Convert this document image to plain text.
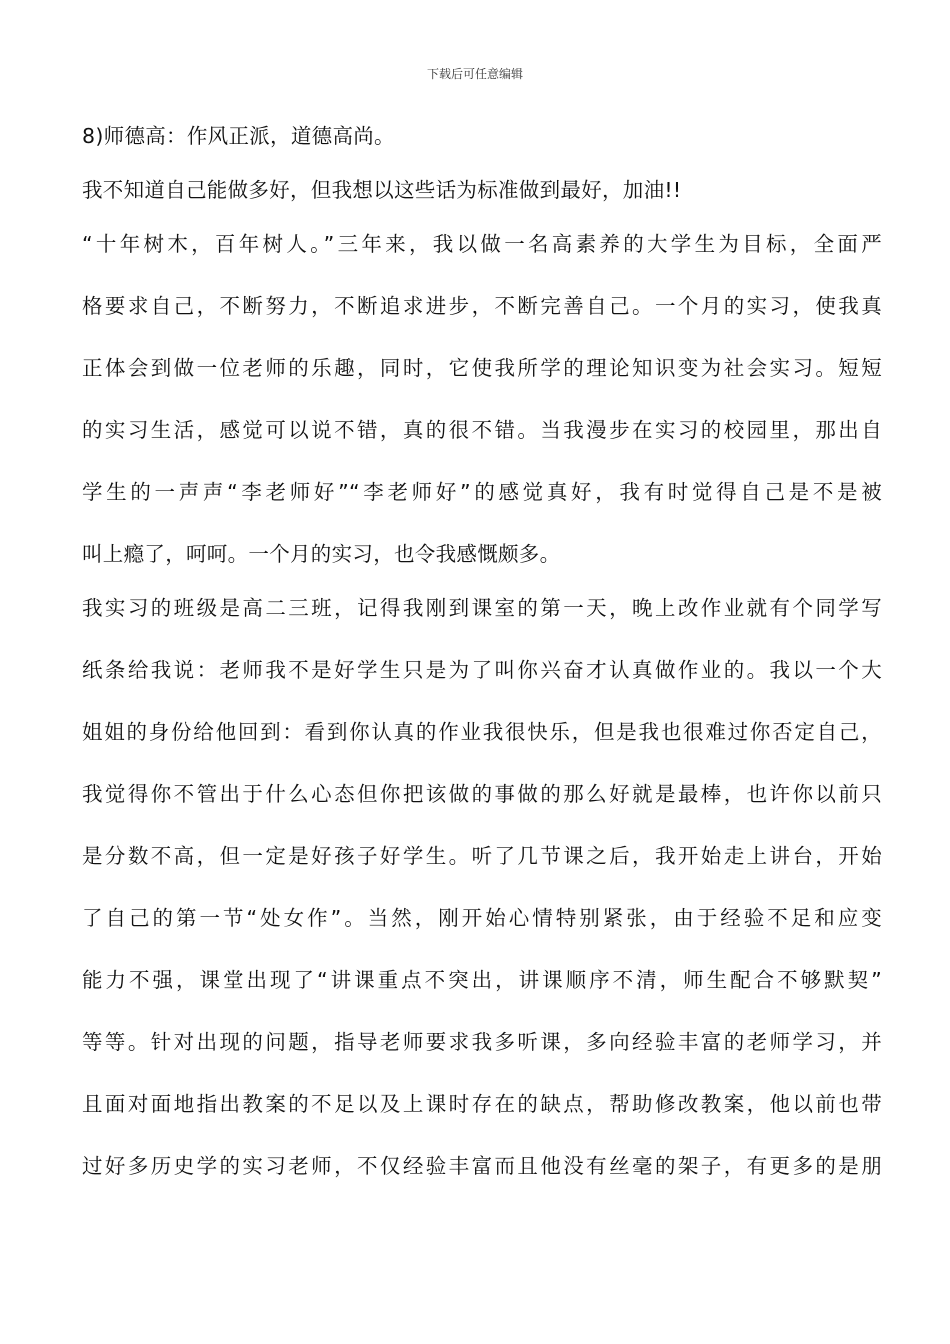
下载后可任意编辑
8)师德高：作风正派，道德高尚。
我不知道自己能做多好，但我想以这些话为标准做到最好，加油!!
“十年树木，百年树人。”三年来，我以做一名高素养的大学生为目标，全面严
格要求自己，不断努力，不断追求进步，不断完善自己。一个月的实习，使我真
正体会到做一位老师的乐趣，同时，它使我所学的理论知识变为社会实习。短短
的实习生活，感觉可以说不错，真的很不错。当我漫步在实习的校园里，那出自
学生的一声声“李老师好”“李老师好”的感觉真好，我有时觉得自己是不是被
叫上瘾了，呵呵。一个月的实习，也令我感慨颇多。
我实习的班级是高二三班，记得我刚到课室的第一天，晚上改作业就有个同学写
纸条给我说：老师我不是好学生只是为了叫你兴奋才认真做作业的。我以一个大
姐姐的身份给他回到：看到你认真的作业我很快乐，但是我也很难过你否定自己，
我觉得你不管出于什么心态但你把该做的事做的那么好就是最棒，也许你以前只
是分数不高，但一定是好孩子好学生。听了几节课之后，我开始走上讲台，开始
了自己的第一节“处女作”。当然，刚开始心情特别紧张，由于经验不足和应变
能力不强，课堂出现了“讲课重点不突出，讲课顺序不清，师生配合不够默契”
等等。针对出现的问题，指导老师要求我多听课，多向经验丰富的老师学习，并
且面对面地指出教案的不足以及上课时存在的缺点，帮助修改教案，他以前也带
过好多历史学的实习老师，不仅经验丰富而且他没有丝毫的架子，有更多的是朋
